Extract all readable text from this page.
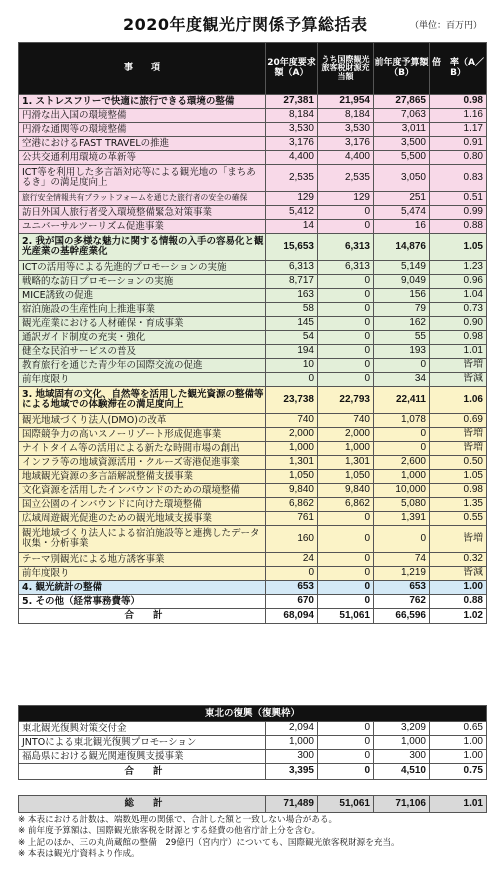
2020年度観光庁関係予算総括表	（単位：百万円）
事　　項	20年度要求額（A）	うち国際観光旅客税財源充当額	前年度予算額（B）	倍　率（A／B）
1. ストレスフリーで快適に旅行できる環境の整備	27,381	21,954	27,865	0.98
円滑な出入国の環境整備	8,184	8,184	7,063	1.16
円滑な通関等の環境整備	3,530	3,530	3,011	1.17
空港におけるFAST TRAVELの推進	3,176	3,176	3,500	0.91
公共交通利用環境の革新等	4,400	4,400	5,500	0.80
ICT等を利用した多言語対応等による観光地の「まちあるき」の満足度向上	2,535	2,535	3,050	0.83
旅行安全情報共有プラットフォームを通じた旅行者の安全の確保	129	129	251	0.51
訪日外国人旅行者受入環境整備緊急対策事業	5,412	0	5,474	0.99
ユニバーサルツーリズム促進事業	14	0	16	0.88
2. 我が国の多様な魅力に関する情報の入手の容易化と観光産業の基幹産業化	15,653	6,313	14,876	1.05
ICTの活用等による先進的プロモーションの実施	6,313	6,313	5,149	1.23
戦略的な訪日プロモーションの実施	8,717	0	9,049	0.96
MICE誘致の促進	163	0	156	1.04
宿泊施設の生産性向上推進事業	58	0	79	0.73
観光産業における人材確保・育成事業	145	0	162	0.90
通訳ガイド制度の充実・強化	54	0	55	0.98
健全な民泊サービスの普及	194	0	193	1.01
教育旅行を通じた青少年の国際交流の促進	10	0	0	皆増
前年度限り	0	0	34	皆減
3. 地域固有の文化、自然等を活用した観光資源の整備等による地域での体験滞在の満足度向上	23,738	22,793	22,411	1.06
観光地域づくり法人(DMO)の改革	740	740	1,078	0.69
国際競争力の高いスノーリゾート形成促進事業	2,000	2,000	0	皆増
ナイトタイム等の活用による新たな時間市場の創出	1,000	1,000	0	皆増
インフラ等の地域資源活用・クルーズ寄港促進事業	1,301	1,301	2,600	0.50
地域観光資源の多言語解説整備支援事業	1,050	1,050	1,000	1.05
文化資源を活用したインバウンドのための環境整備	9,840	9,840	10,000	0.98
国立公園のインバウンドに向けた環境整備	6,862	6,862	5,080	1.35
広域周遊観光促進のための観光地域支援事業	761	0	1,391	0.55
観光地域づくり法人による宿泊施設等と連携したデータ収集・分析事業	160	0	0	皆増
テーマ別観光による地方誘客事業	24	0	74	0.32
前年度限り	0	0	1,219	皆減
4. 観光統計の整備	653	0	653	1.00
5. その他（経常事務費等）	670	0	762	0.88
合　　計	68,094	51,061	66,596	1.02
東北の復興（復興枠）				
東北観光復興対策交付金	2,094	0	3,209	0.65
JNTOによる東北観光復興プロモーション	1,000	0	1,000	1.00
福島県における観光関連復興支援事業	300	0	300	1.00
合　　計	3,395	0	4,510	0.75
総　　計	71,489	51,061	71,106	1.01
※ 本表における計数は、端数処理の関係で、合計した額と一致しない場合がある。
※ 前年度予算額は、国際観光旅客税を財源とする経費の他省庁計上分を含む。
※ 上記のほか、三の丸尚蔵館の整備　29億円（宮内庁）についても、国際観光旅客税財源を充当。
※ 本表は観光庁資料より作成。
